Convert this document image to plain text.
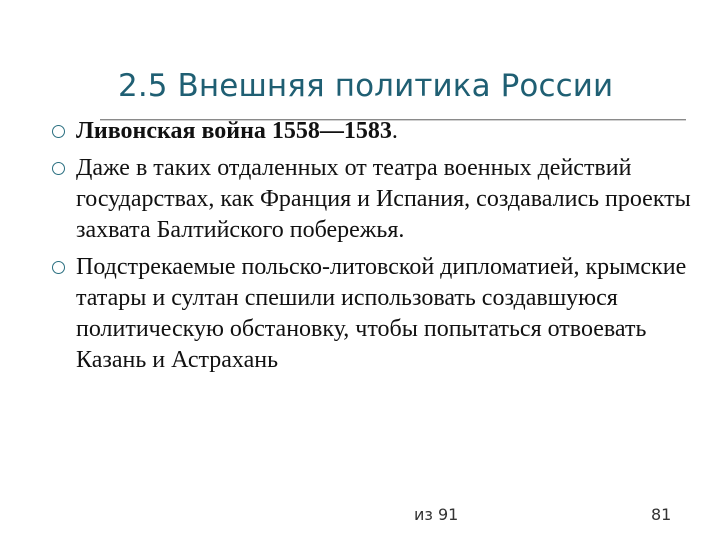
2.5 Внешняя политика России
Ливонская война 1558—1583.
Даже в таких отдаленных от театра военных действий государствах, как Франция и Испания, создавались проекты захвата Балтийского побережья.
Подстрекаемые польско-литовской дипломатией, крымские татары и султан спешили использовать создавшуюся политическую обстановку, чтобы попытаться отвоевать Казань и Астрахань
из 91	81
